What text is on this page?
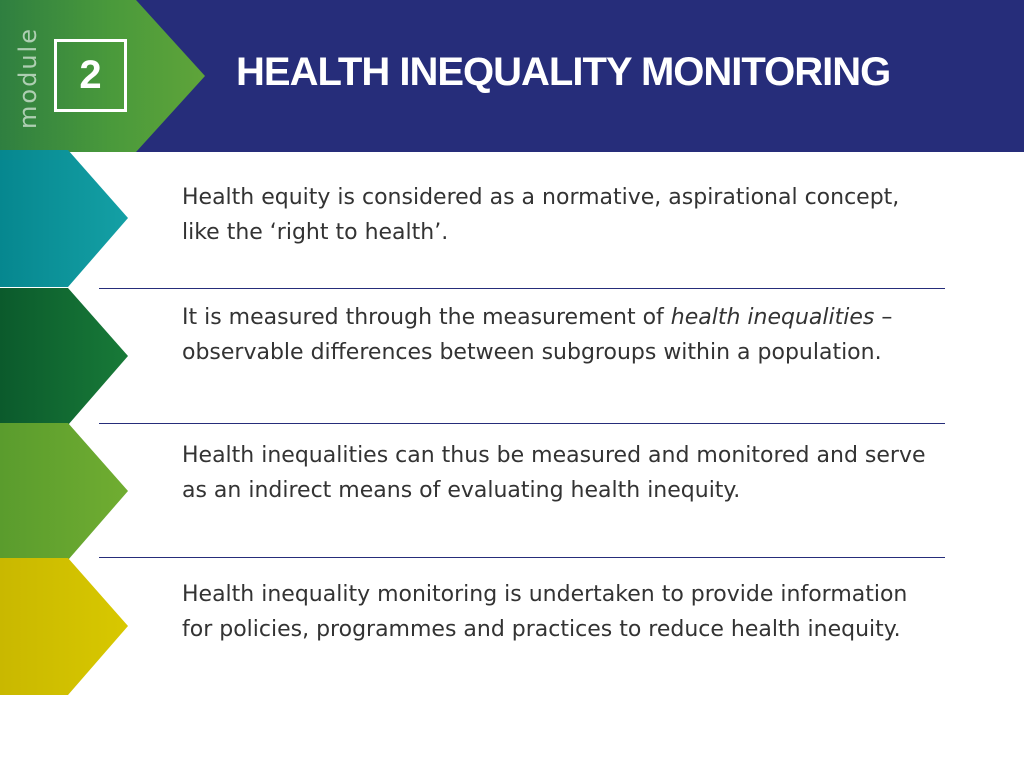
module 2	HEALTH INEQUALITY MONITORING

Health equity is considered as a normative, aspirational concept, like the ‘right to health’.

It is measured through the measurement of health inequalities – observable differences between subgroups within a population.

Health inequalities can thus be measured and monitored and serve as an indirect means of evaluating health inequity.

Health inequality monitoring is undertaken to provide information for policies, programmes and practices to reduce health inequity.
